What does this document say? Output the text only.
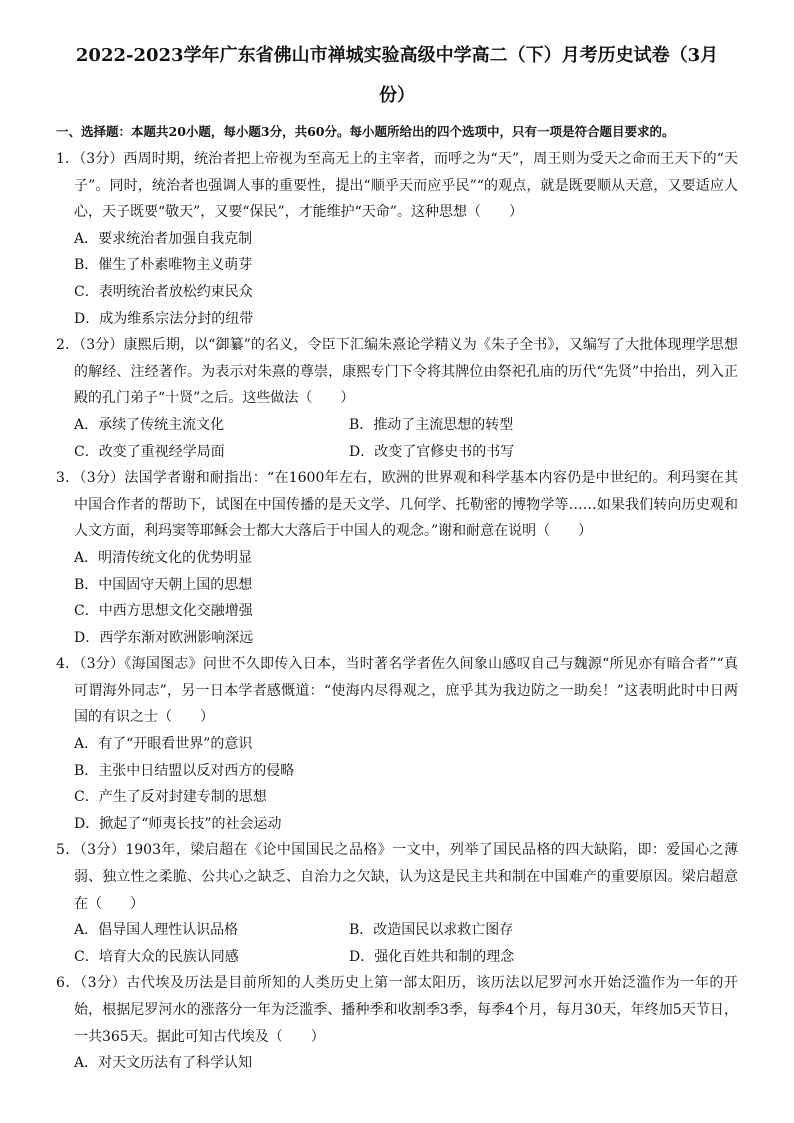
2022-2023学年广东省佛山市禅城实验高级中学高二（下）月考历史试卷（3月
份）
一、选择题：本题共20小题，每小题3分，共60分。每小题所给出的四个选项中，只有一项是符合题目要求的。

1．（3分）西周时期，统治者把上帝视为至高无上的主宰者，而呼之为“天”，周王则为受天之命而王天下的“天子”。同时，统治者也强调人事的重要性，提出“顺乎天而应乎民”“的观点，就是既要顺从天意，又要适应人心，天子既要“敬天”，又要“保民”，才能维护“天命”。这种思想（　　）

A．要求统治者加强自我克制
B．催生了朴素唯物主义萌芽
C．表明统治者放松约束民众
D．成为维系宗法分封的纽带

2．（3分）康熙后期，以“御纂”的名义，令臣下汇编朱熹论学精义为《朱子全书》，又编写了大批体现理学思想的解经、注经著作。为表示对朱熹的尊崇，康熙专门下令将其牌位由祭祀孔庙的历代“先贤”中抬出，列入正殿的孔门弟子“十贤”之后。这些做法（　　）

A．承续了传统主流文化	B．推动了主流思想的转型
C．改变了重视经学局面	D．改变了官修史书的书写

3．（3分）法国学者谢和耐指出：“在1600年左右，欧洲的世界观和科学基本内容仍是中世纪的。利玛窦在其中国合作者的帮助下，试图在中国传播的是天文学、几何学、托勒密的博物学等……如果我们转向历史观和人文方面，利玛窦等耶稣会士都大大落后于中国人的观念。”谢和耐意在说明（　　）

A．明清传统文化的优势明显
B．中国固守天朝上国的思想
C．中西方思想文化交融增强
D．西学东渐对欧洲影响深远

4．（3分）《海国图志》问世不久即传入日本，当时著名学者佐久间象山感叹自己与魏源“所见亦有暗合者”“真可谓海外同志”，另一日本学者感慨道：“使海内尽得观之，庶乎其为我边防之一助矣！”这表明此时中日两国的有识之士（　　）

A．有了“开眼看世界”的意识
B．主张中日结盟以反对西方的侵略
C．产生了反对封建专制的思想
D．掀起了“师夷长技”的社会运动

5．（3分）1903年，梁启超在《论中国国民之品格》一文中，列举了国民品格的四大缺陷，即：爱国心之薄弱、独立性之柔脆、公共心之缺乏、自治力之欠缺，认为这是民主共和制在中国难产的重要原因。梁启超意在（　　）

A．倡导国人理性认识品格	B．改造国民以求救亡图存
C．培育大众的民族认同感	D．强化百姓共和制的理念

6．（3分）古代埃及历法是目前所知的人类历史上第一部太阳历，该历法以尼罗河水开始泛滥作为一年的开始，根据尼罗河水的涨落分一年为泛滥季、播种季和收割季3季，每季4个月，每月30天，年终加5天节日，一共365天。据此可知古代埃及（　　）

A．对天文历法有了科学认知
